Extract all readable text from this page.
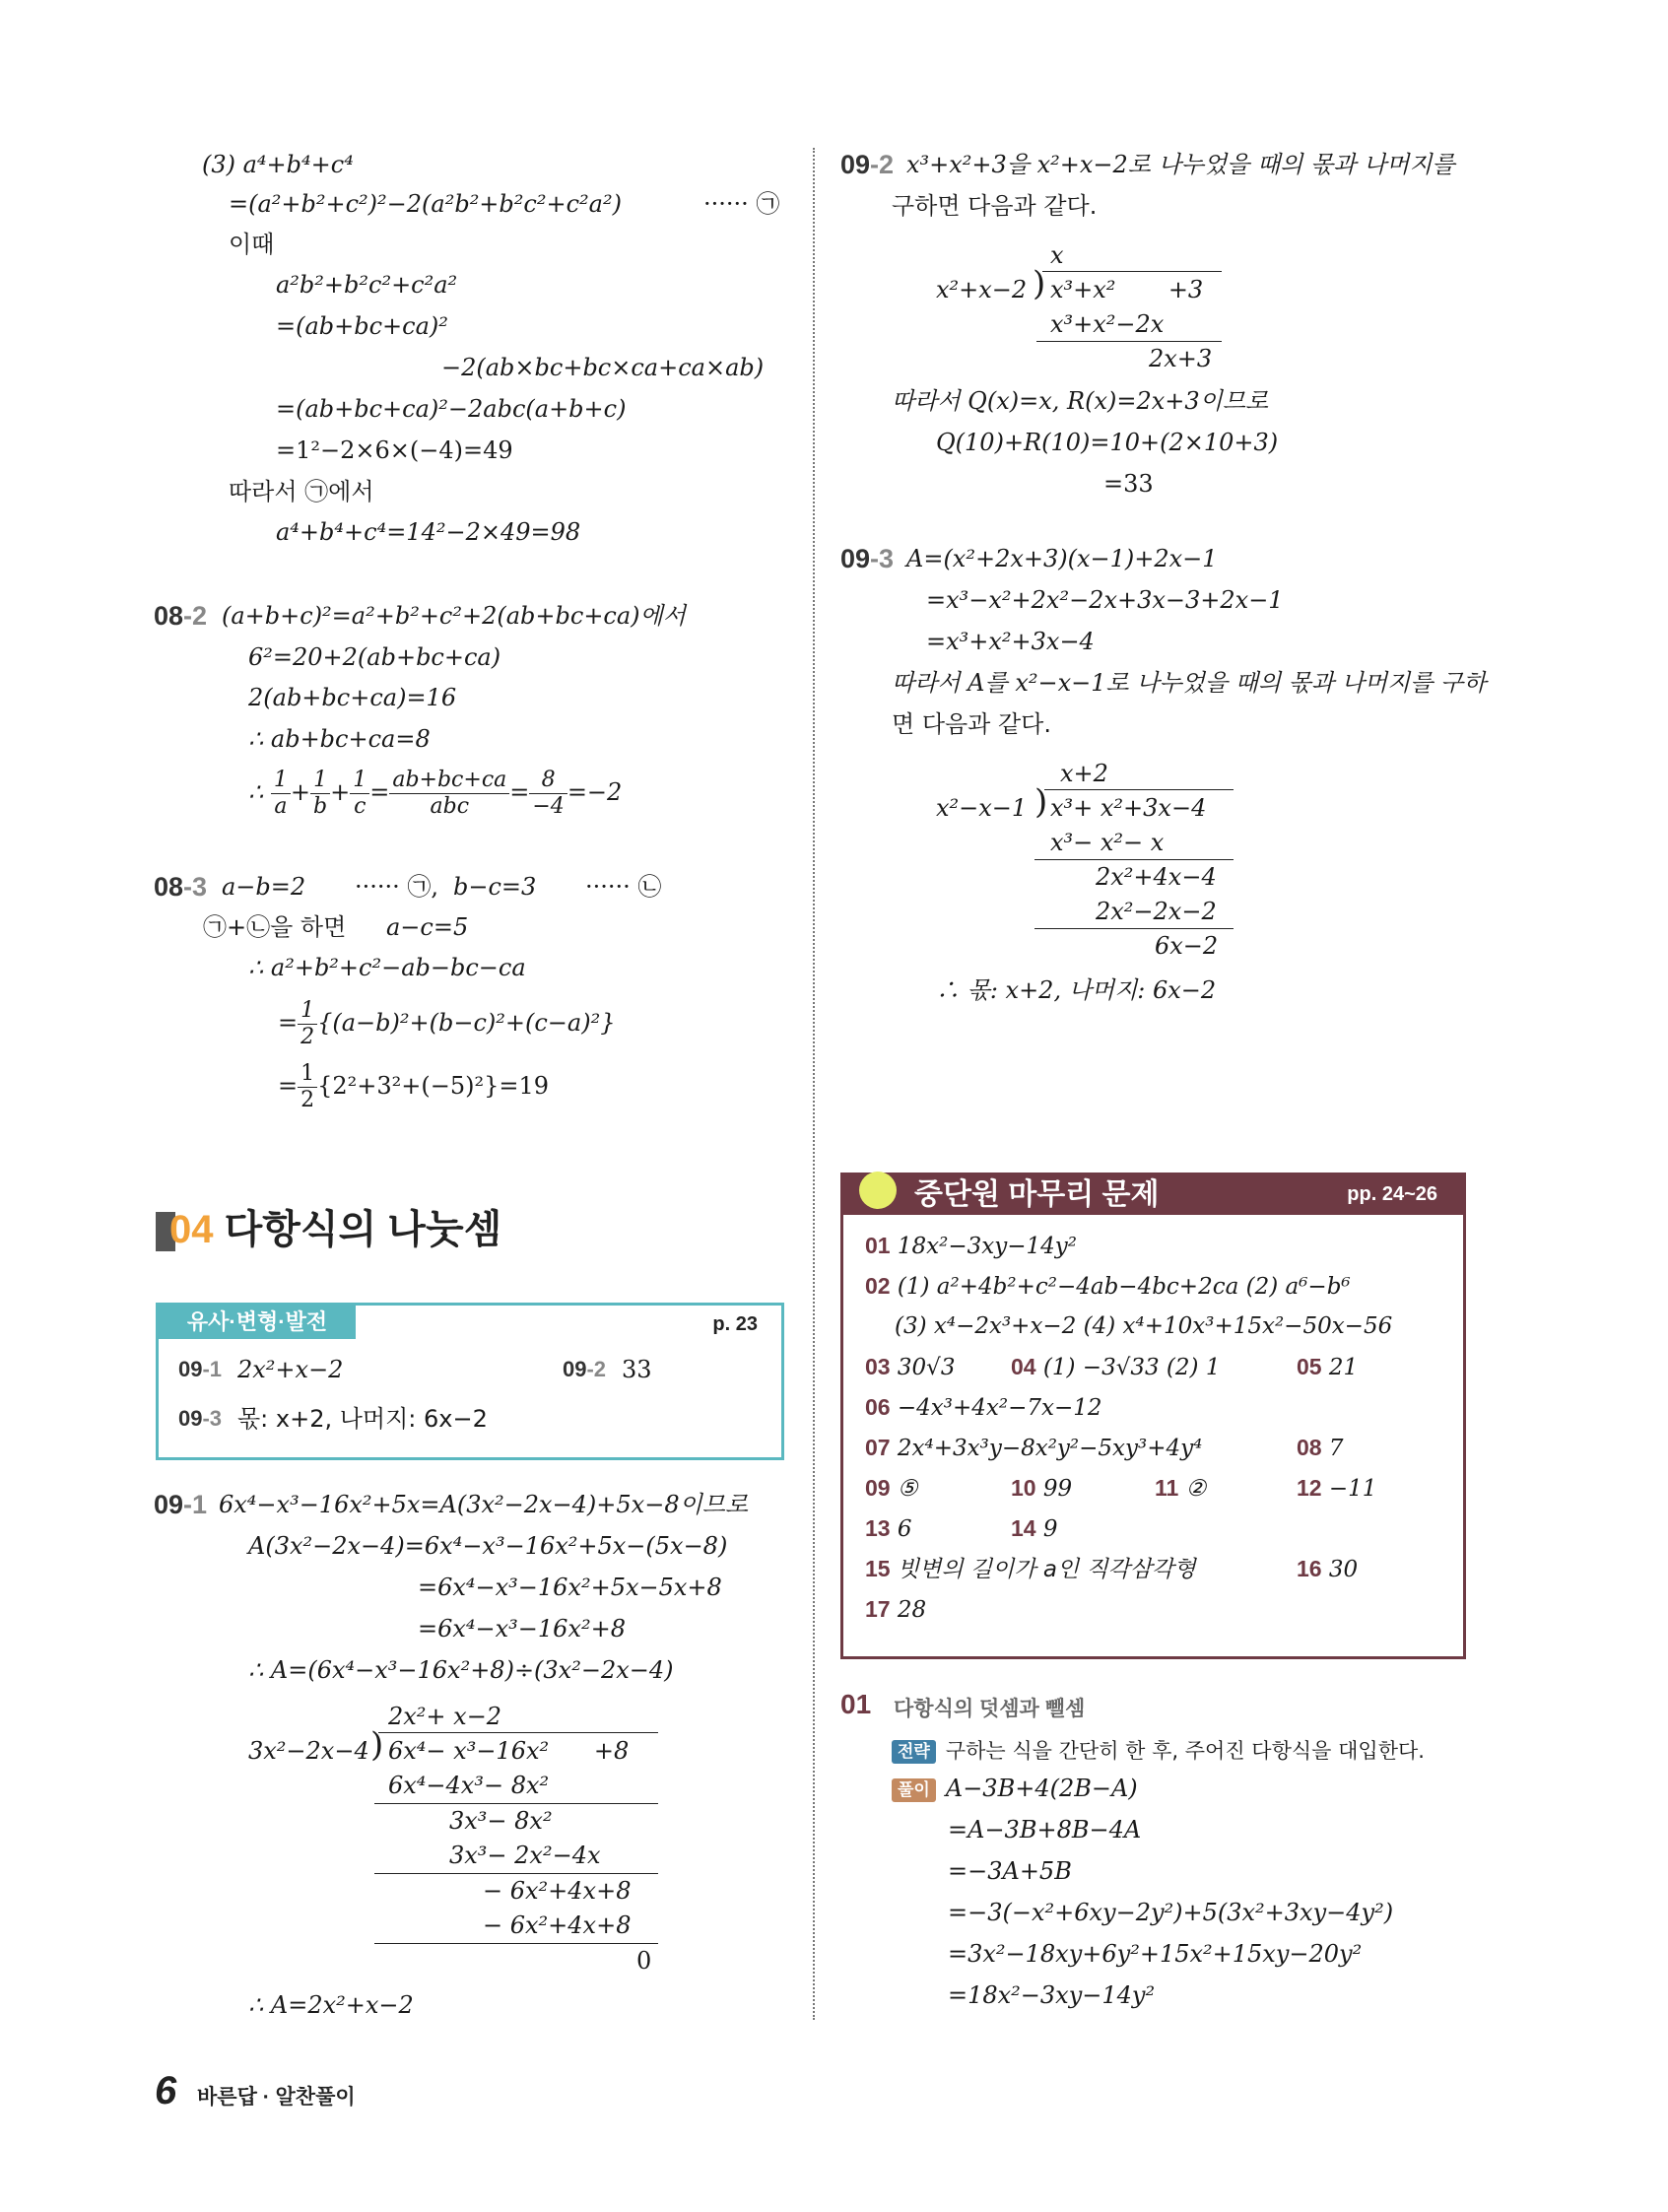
(3) a⁴+b⁴+c⁴
=(a²+b²+c²)²−2(a²b²+b²c²+c²a²)	······ ㉠
이때
a²b²+b²c²+c²a²
=(ab+bc+ca)²
−2(ab×bc+bc×ca+ca×ab)
=(ab+bc+ca)²−2abc(a+b+c)
=1²−2×6×(−4)=49
따라서 ㉠에서
a⁴+b⁴+c⁴=14²−2×49=98
08-2 (a+b+c)²=a²+b²+c²+2(ab+bc+ca)에서
6²=20+2(ab+bc+ca)
2(ab+bc+ca)=16
∴ ab+bc+ca=8
∴ $\frac{1}{a} + \frac{1}{b} + \frac{1}{c} = \frac{ab+bc+ca}{\text{abc}} = \frac{8}{-4} =-2$
08-3 a−b=2 ······ ㉠, b−c=3 ······ ㉡
㉠+㉡을 하면 a−c=5
∴ a²+b²+c²−ab−bc−ca
= $\frac{1}{2} \{(a-b)^2+(b-c)^2+(c-a)^2\}$
= $\frac{1}{2} \{2^2+3^2+(-5)^2\}=19$
04 다항식의 나눗셈
유사·변형·발전	p. 23
09-1 2x²+x−2	09-2 33
09-3 몫: x+2, 나머지: 6x−2
09-1 6x⁴−x³−16x²+5x=A(3x²−2x−4)+5x−8이므로
A(3x²−2x−4)=6x⁴−x³−16x²+5x−(5x−8)
=6x⁴−x³−16x²+5x−5x+8
=6x⁴−x³−16x²+8
∴ A=(6x⁴−x³−16x²+8)÷(3x²−2x−4)
2x²+ x−2
3x²−2x−4 ) 6x⁴− x³−16x²      +8
6x⁴−4x³− 8x²
3x³− 8x²
3x³− 2x²−4x
− 6x²+4x+8
− 6x²+4x+8
0
∴ A=2x²+x−2
6 바른답 · 알찬풀이
09-2 x³+x²+3을 x²+x−2로 나누었을 때의 몫과 나머지를
구하면 다음과 같다.
x
x²+x−2 ) x³+x²       +3
x³+x²−2x
2x+3
따라서 Q(x)=x, R(x)=2x+3이므로
Q(10)+R(10)=10+(2×10+3)
=33
09-3 A=(x²+2x+3)(x−1)+2x−1
=x³−x²+2x²−2x+3x−3+2x−1
=x³+x²+3x−4
따라서 A를 x²−x−1로 나누었을 때의 몫과 나머지를 구하
면 다음과 같다.
x+2
x²−x−1 ) x³+ x²+3x−4
x³− x²− x
2x²+4x−4
2x²−2x−2
6x−2
∴ 몫: x+2, 나머지: 6x−2
중단원 마무리 문제	pp. 24~26
01 18x²−3xy−14y²
02 (1) a²+4b²+c²−4ab−4bc+2ca (2) a⁶−b⁶
(3) x⁴−2x³+x−2 (4) x⁴+10x³+15x²−50x−56
03 30√3 04 (1) −3√33 (2) 1	05 21
06 −4x³+4x²−7x−12
07 2x⁴+3x³y−8x²y²−5xy³+4y⁴	08 7
09 ⑤	10 99	11 ②	12 −11
13 6	14 9
15 빗변의 길이가 a인 직각삼각형	16 30
17 28
01 다항식의 덧셈과 뺄셈
전략 구하는 식을 간단히 한 후, 주어진 다항식을 대입한다.
풀이 A−3B+4(2B−A)
=A−3B+8B−4A
=−3A+5B
=−3(−x²+6xy−2y²)+5(3x²+3xy−4y²)
=3x²−18xy+6y²+15x²+15xy−20y²
=18x²−3xy−14y²
